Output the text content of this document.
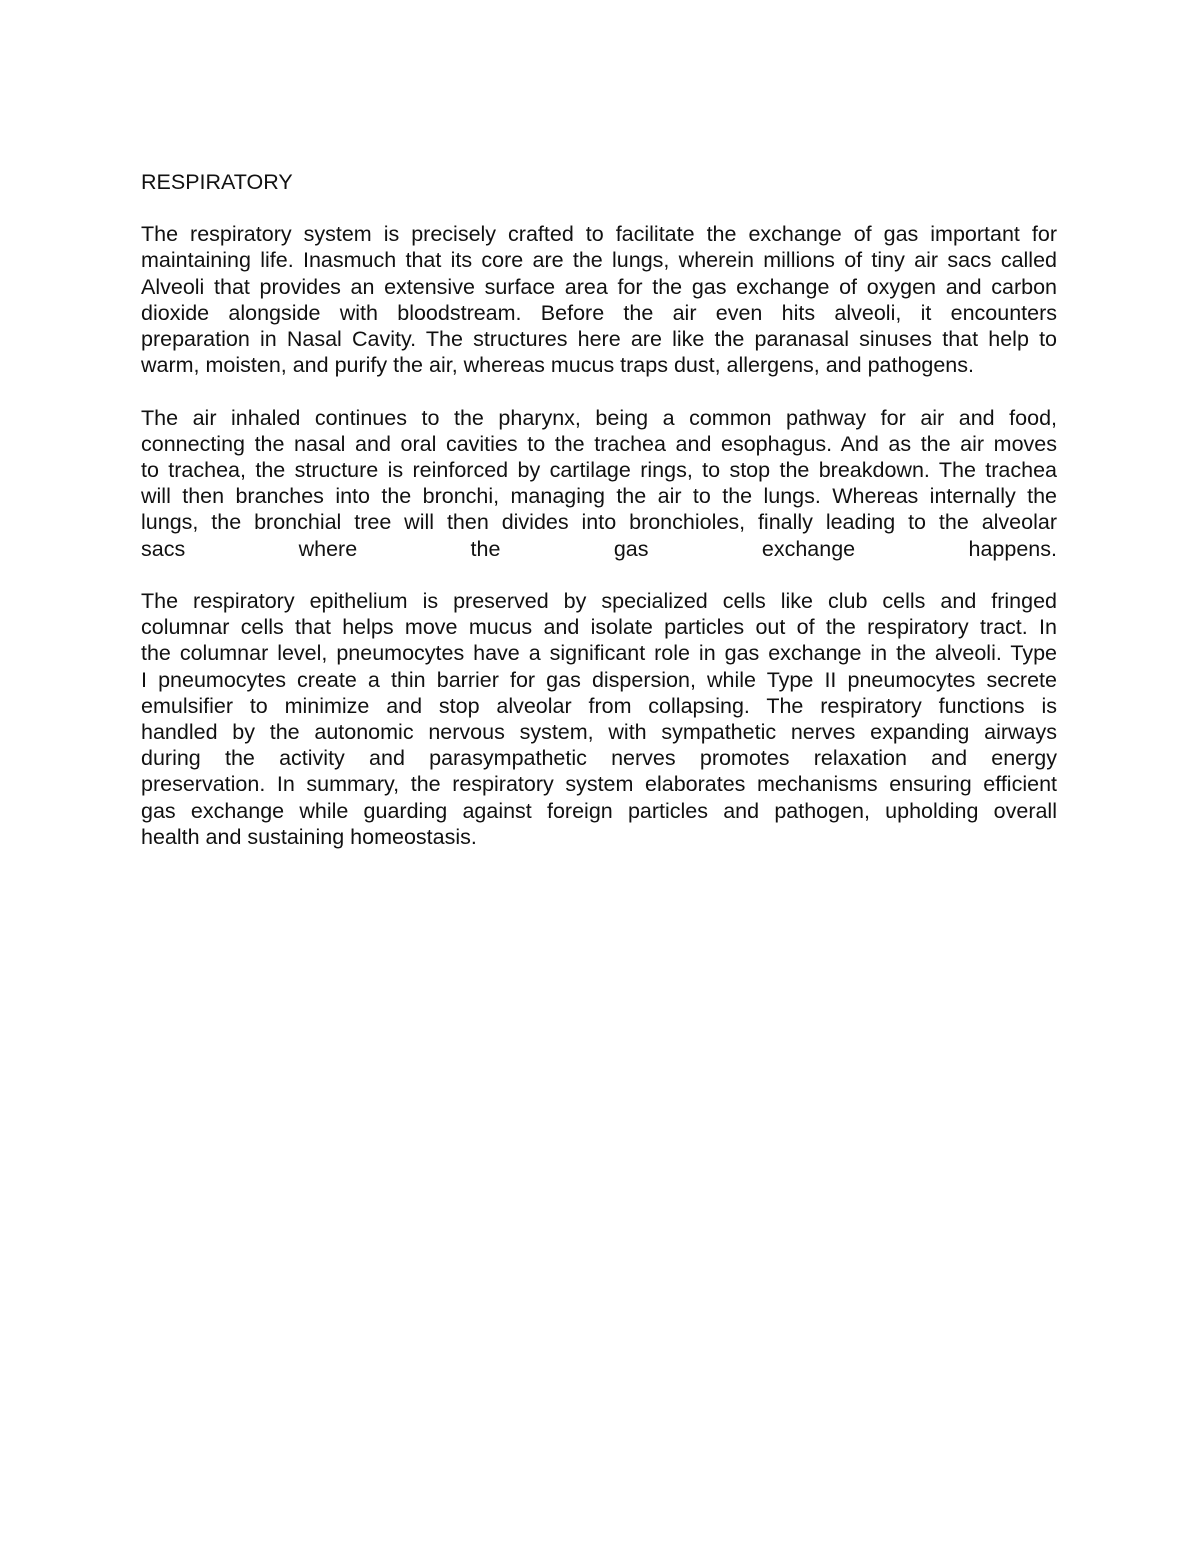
RESPIRATORY
The respiratory system is precisely crafted to facilitate the exchange of gas important for
maintaining life. Inasmuch that its core are the lungs, wherein millions of tiny air sacs called
Alveoli that provides an extensive surface area for the gas exchange of oxygen and carbon
dioxide alongside with bloodstream. Before the air even hits alveoli, it encounters
preparation in Nasal Cavity. The structures here are like the paranasal sinuses that help to
warm, moisten, and purify the air, whereas mucus traps dust, allergens, and pathogens.
The air inhaled continues to the pharynx, being a common pathway for air and food,
connecting the nasal and oral cavities to the trachea and esophagus. And as the air moves
to trachea, the structure is reinforced by cartilage rings, to stop the breakdown. The trachea
will then branches into the bronchi, managing the air to the lungs. Whereas internally the
lungs, the bronchial tree will then divides into bronchioles, finally leading to the alveolar
sacs where the gas exchange happens.
The respiratory epithelium is preserved by specialized cells like club cells and fringed
columnar cells that helps move mucus and isolate particles out of the respiratory tract. In
the columnar level, pneumocytes have a significant role in gas exchange in the alveoli. Type
I pneumocytes create a thin barrier for gas dispersion, while Type II pneumocytes secrete
emulsifier to minimize and stop alveolar from collapsing. The respiratory functions is
handled by the autonomic nervous system, with sympathetic nerves expanding airways
during the activity and parasympathetic nerves promotes relaxation and energy
preservation. In summary, the respiratory system elaborates mechanisms ensuring efficient
gas exchange while guarding against foreign particles and pathogen, upholding overall
health and sustaining homeostasis.
